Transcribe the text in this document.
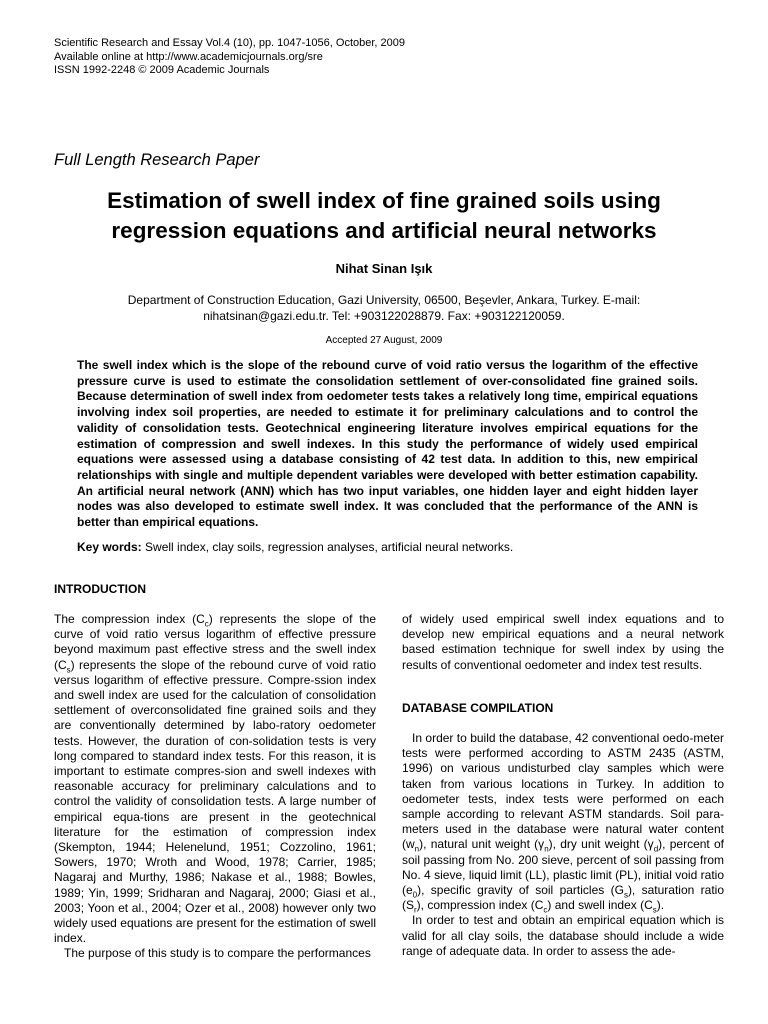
Scientific Research and Essay Vol.4 (10), pp. 1047-1056, October, 2009
Available online at http://www.academicjournals.org/sre
ISSN 1992-2248 © 2009 Academic Journals
Full Length Research Paper
Estimation of swell index of fine grained soils using
regression equations and artificial neural networks
Nihat Sinan Işık
Department of Construction Education, Gazi University, 06500, Beşevler, Ankara, Turkey. E-mail:
nihatsinan@gazi.edu.tr. Tel: +903122028879. Fax: +903122120059.
Accepted 27 August, 2009
The swell index which is the slope of the rebound curve of void ratio versus the logarithm of the effective pressure curve is used to estimate the consolidation settlement of over-consolidated fine grained soils. Because determination of swell index from oedometer tests takes a relatively long time, empirical equations involving index soil properties, are needed to estimate it for preliminary calculations and to control the validity of consolidation tests. Geotechnical engineering literature involves empirical equations for the estimation of compression and swell indexes. In this study the performance of widely used empirical equations were assessed using a database consisting of 42 test data. In addition to this, new empirical relationships with single and multiple dependent variables were developed with better estimation capability. An artificial neural network (ANN) which has two input variables, one hidden layer and eight hidden layer nodes was also developed to estimate swell index. It was concluded that the performance of the ANN is better than empirical equations.
Key words: Swell index, clay soils, regression analyses, artificial neural networks.
INTRODUCTION

The compression index $(C_c)$ represents the slope of the curve of void ratio versus logarithm of effective pressure beyond maximum past effective stress and the swell index $(C_s)$ represents the slope of the rebound curve of void ratio versus logarithm of effective pressure. Compre-ssion index and swell index are used for the calculation of consolidation settlement of overconsolidated fine grained soils and they are conventionally determined by labo-ratory oedometer tests. However, the duration of con-solidation tests is very long compared to standard index tests. For this reason, it is important to estimate compres-sion and swell indexes with reasonable accuracy for preliminary calculations and to control the validity of consolidation tests. A large number of empirical equa-tions are present in the geotechnical literature for the estimation of compression index (Skempton, 1944; Helenelund, 1951; Cozzolino, 1961; Sowers, 1970; Wroth and Wood, 1978; Carrier, 1985; Nagaraj and Murthy, 1986; Nakase et al., 1988; Bowles, 1989; Yin, 1999; Sridharan and Nagaraj, 2000; Giasi et al., 2003; Yoon et al., 2004; Ozer et al., 2008) however only two widely used equations are present for the estimation of swell index.

The purpose of this study is to compare the performances

of widely used empirical swell index equations and to develop new empirical equations and a neural network based estimation technique for swell index by using the results of conventional oedometer and index test results.
DATABASE COMPILATION

In order to build the database, 42 conventional oedo-meter tests were performed according to ASTM 2435 (ASTM, 1996) on various undisturbed clay samples which were taken from various locations in Turkey. In addition to oedometer tests, index tests were performed on each sample according to relevant ASTM standards. Soil para-meters used in the database were natural water content $(w_n)$, natural unit weight $(\gamma_n)$, dry unit weight $(\gamma_d)$, percent of soil passing from No. 200 sieve, percent of soil passing from No. 4 sieve, liquid limit (LL), plastic limit (PL), initial void ratio $(e_0)$, specific gravity of soil particles $(G_s)$, saturation ratio $(S_r)$, compression index $(C_c)$ and swell index $(C_s)$.

In order to test and obtain an empirical equation which is valid for all clay soils, the database should include a wide range of adequate data. In order to assess the ade-
